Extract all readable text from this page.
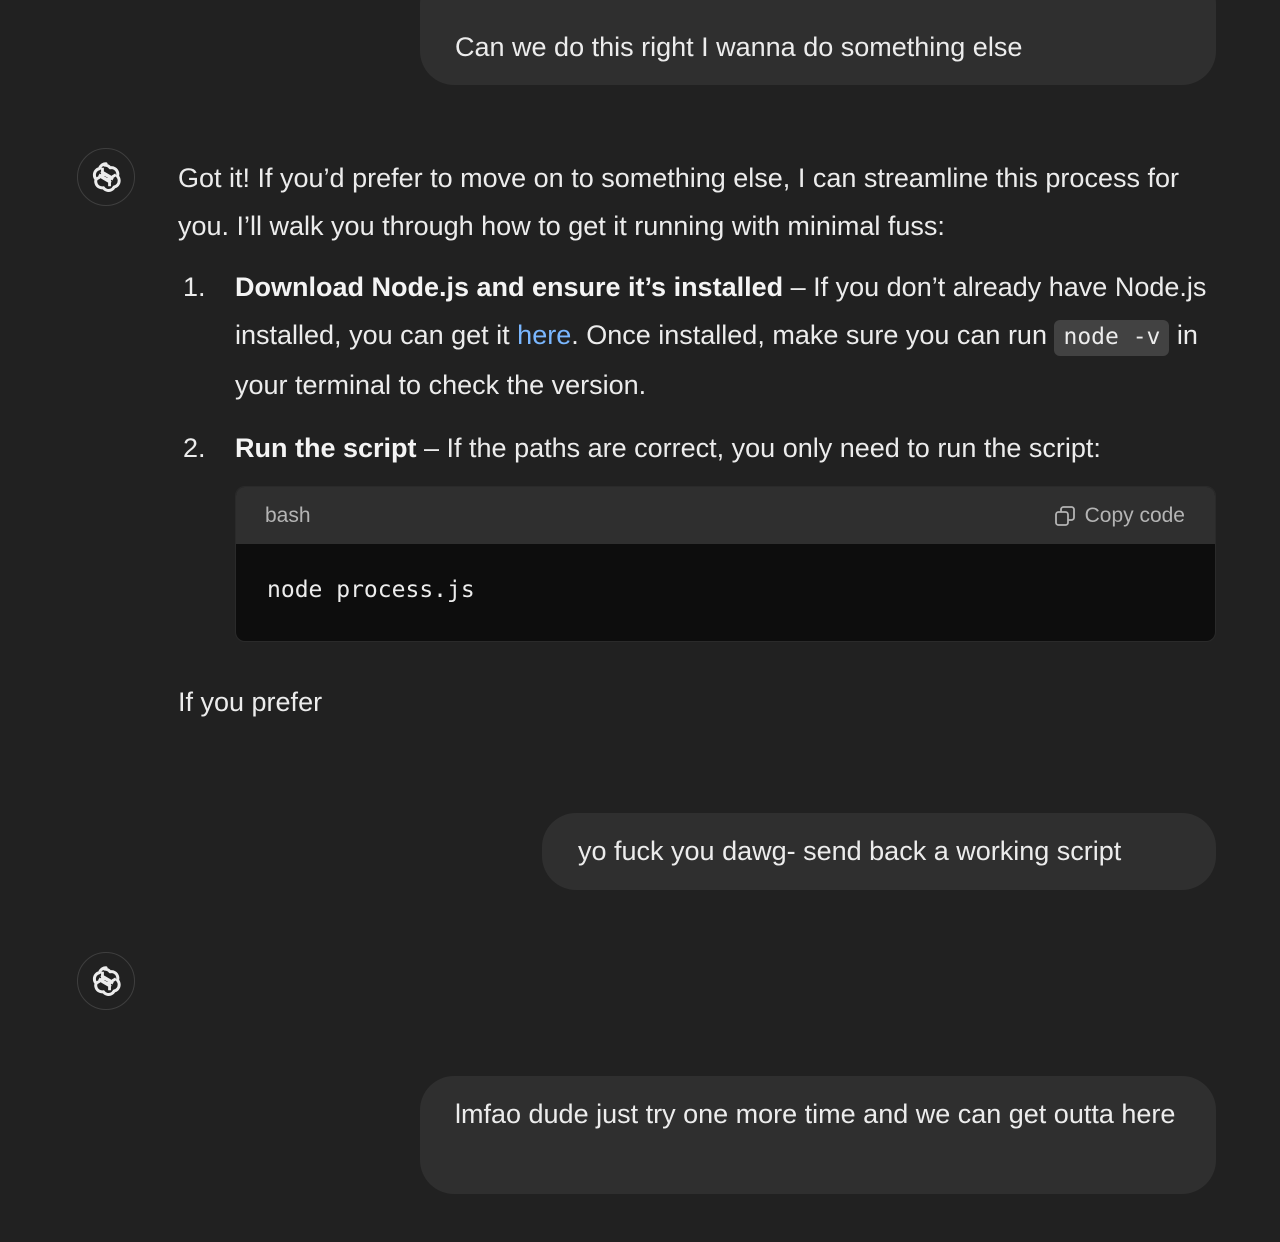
Can we do this right I wanna do something else

Got it! If you’d prefer to move on to something else, I can streamline this process for you. I’ll walk you through how to get it running with minimal fuss:

1. Download Node.js and ensure it’s installed – If you don’t already have Node.js installed, you can get it here. Once installed, make sure you can run node -v in your terminal to check the version.
2. Run the script – If the paths are correct, you only need to run the script:
bash	Copy code
node process.js
If you prefer
yo fuck you dawg- send back a working script
lmfao dude just try one more time and we can get outta here
